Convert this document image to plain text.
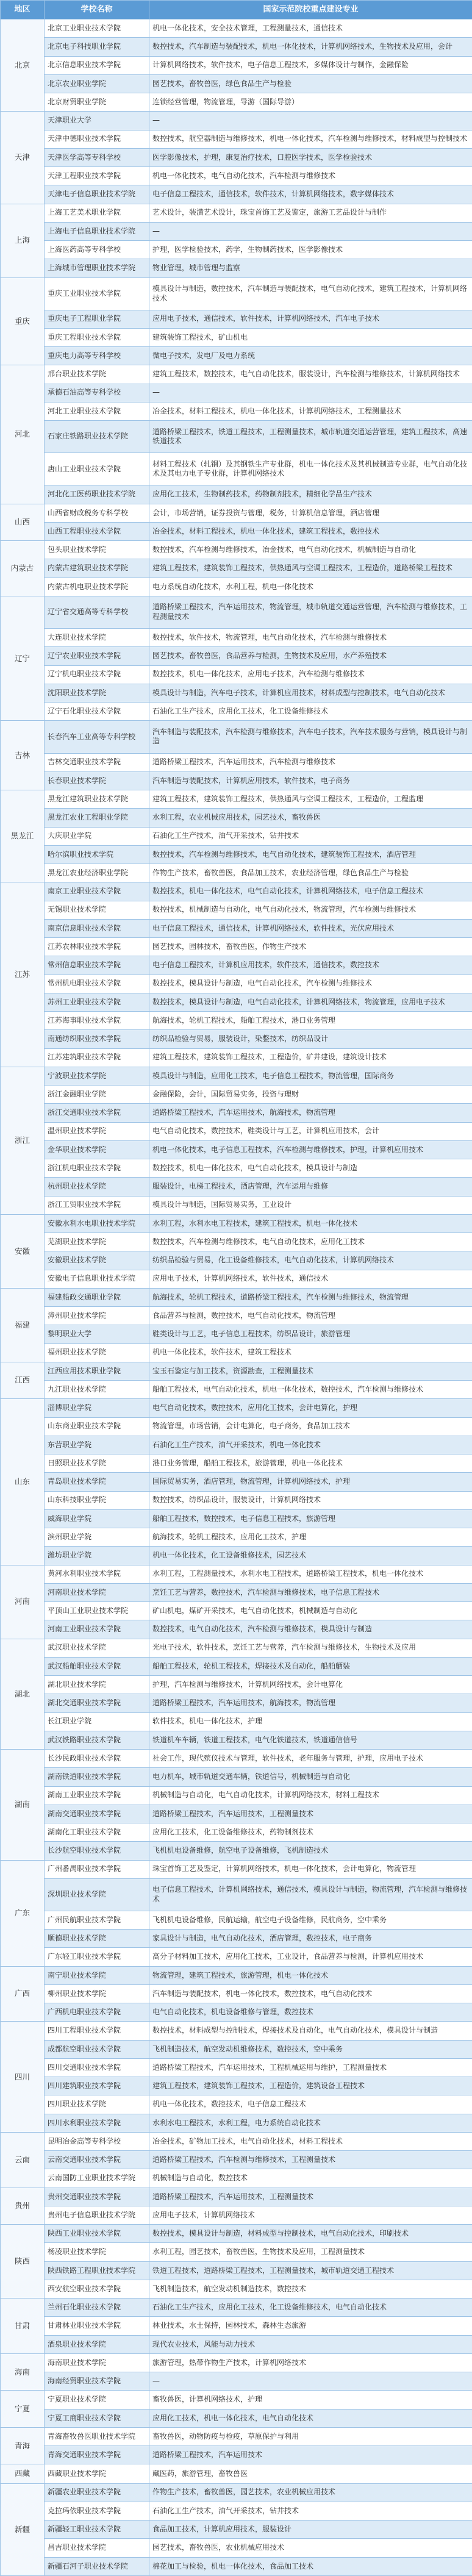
地区	学校名称	国家示范院校重点建设专业
北京	北京工业职业技术学院	机电一体化技术，安全技术管理，工程测量技术，通信技术
	北京电子科技职业学院	数控技术，汽车制造与装配技术，机电一体化技术，计算机网络技术，生物技术及应用，会计
	北京信息职业技术学院	计算机网络技术，软件技术，电子信息工程技术，多媒体设计与制作，金融保险
	北京农业职业学院	园艺技术，畜牧兽医，绿色食品生产与检验
	北京财贸职业学院	连锁经营管理，物流管理，导游（国际导游）
天津	天津职业大学	—
	天津中德职业技术学院	数控技术，航空器制造与维修技术，机电一体化技术，汽车检测与维修技术，材料成型与控制技术
	天津医学高等专科学校	医学影像技术，护理，康复治疗技术，口腔医学技术，医学检验技术
	天津工程职业技术学院	机电一体化技术，电气自动化技术，汽车检测与维修技术
	天津电子信息职业技术学院	电子信息工程技术，通信技术，软件技术，计算机网络技术，数字媒体技术
上海	上海工艺美术职业学院	艺术设计，装潢艺术设计，珠宝首饰工艺及鉴定，旅游工艺品设计与制作
	上海电子信息职业技术学院	—
	上海医药高等专科学校	护理，医学检验技术，药学，生物制药技术，医学影像技术
	上海城市管理职业技术学院	物业管理，城市管理与监察
重庆	重庆工业职业技术学院	模具设计与制造，数控技术，汽车制造与装配技术，电气自动化技术，建筑工程技术，计算机网络技术
	重庆电子工程职业学院	应用电子技术，通信技术，软件技术，计算机网络技术，汽车电子技术
	重庆工程职业技术学院	建筑装饰工程技术，矿山机电
	重庆电力高等专科学校	微电子技术，发电厂及电力系统
河北	邢台职业技术学院	建筑工程技术，数控技术，电气自动化技术，服装设计，汽车检测与维修技术，计算机网络技术
	承德石油高等专科学校	—
	河北工业职业技术学院	冶金技术，材料工程技术，机电一体化技术，计算机网络技术，工程测量技术
	石家庄铁路职业技术学院	道路桥梁工程技术，铁道工程技术，工程测量技术，城市轨道交通运营管理，建筑工程技术，高速铁道技术
	唐山工业职业技术学院	材料工程技术（轧钢）及其钢铁生产专业群，机电一体化技术及其机械制造专业群，电气自动化技术及其电力电子专业群，计算机网络技术
	河北化工医药职业技术学院	应用化工技术，生物制药技术，药物制剂技术，精细化学品生产技术
山西	山西省财政税务专科学校	会计，市场营销，证券投资与管理，税务，计算机信息管理，酒店管理
	山西工程职业技术学院	冶金技术，材料工程技术，机电一体化技术，建筑工程技术，数控技术
内蒙古	包头职业技术学院	数控技术，汽车检测与维修技术，冶金技术，电气自动化技术，机械制造与自动化
	内蒙古建筑职业技术学院	建筑工程技术，建筑装饰工程技术，供热通风与空调工程技术，工程造价，道路桥梁工程技术
	内蒙古机电职业技术学院	电力系统自动化技术，水利工程，机电一体化技术
辽宁	辽宁省交通高等专科学校	道路桥梁工程技术，汽车运用技术，物流管理，城市轨道交通运营管理，汽车检测与维修技术，工程测量技术
	大连职业技术学院	数控技术，软件技术，物流管理，电气自动化技术，汽车检测与维修技术
	辽宁农业职业技术学院	园艺技术，畜牧兽医，食品营养与检测，生物技术及应用，水产养殖技术
	辽宁机电职业技术学院	数控技术，机电一体化技术，应用电子技术，汽车检测与维修技术
	沈阳职业技术学院	模具设计与制造，汽车电子技术，计算机应用技术，材料成型与控制技术，电气自动化技术
	辽宁石化职业技术学院	石油化工生产技术，应用化工技术，化工设备维修技术
吉林	长春汽车工业高等专科学校	汽车制造与装配技术，汽车检测与维修技术，汽车电子技术，汽车技术服务与营销，模具设计与制造
	吉林交通职业技术学院	道路桥梁工程技术，汽车运用技术，汽车检测与维修技术
	长春职业技术学院	汽车制造与装配技术，计算机应用技术，软件技术，电子商务
黑龙江	黑龙江建筑职业技术学院	建筑工程技术，建筑装饰工程技术，供热通风与空调工程技术，工程造价，工程监理
	黑龙江农业工程职业学院	水利工程，农业机械应用技术，园艺技术，畜牧兽医
	大庆职业学院	石油化工生产技术，油气开采技术，钻井技术
	哈尔滨职业技术学院	数控技术，汽车检测与维修技术，电气自动化技术，建筑装饰工程技术，酒店管理
	黑龙江农业经济职业学院	作物生产技术，畜牧兽医，食品加工技术，农业经济管理，绿色食品生产与检验
江苏	南京工业职业技术学院	数控技术，机电一体化技术，电气自动化技术，计算机网络技术，电子信息工程技术
	无锡职业技术学院	数控技术，机械制造与自动化，电气自动化技术，物流管理，汽车检测与维修技术
	南京信息职业技术学院	电子信息工程技术，通信技术，计算机网络技术，软件技术，光伏应用技术
	江苏农林职业技术学院	园艺技术，园林技术，畜牧兽医，作物生产技术
	常州信息职业技术学院	电子信息工程技术，计算机应用技术，软件技术，通信技术，数控技术
	常州机电职业技术学院	数控技术，模具设计与制造，电气自动化技术，汽车检测与维修技术
	苏州工业职业技术学院	数控技术，模具设计与制造，电气自动化技术，计算机网络技术，物流管理，应用电子技术
	江苏海事职业技术学院	航海技术，轮机工程技术，船舶工程技术，港口业务管理
	南通纺织职业技术学院	纺织品检验与贸易，服装设计，染整技术，纺织品设计
	江苏建筑职业技术学院	建筑工程技术，建筑装饰工程技术，工程造价，矿井建设，建筑设计技术
浙江	宁波职业技术学院	模具设计与制造，应用化工技术，电子信息工程技术，物流管理，国际商务
	浙江金融职业学院	金融保险，会计，国际贸易实务，投资与理财
	浙江交通职业技术学院	道路桥梁工程技术，汽车运用技术，航海技术，物流管理
	温州职业技术学院	电气自动化技术，数控技术，鞋类设计与工艺，计算机应用技术，会计
	金华职业技术学院	机电一体化技术，电子信息工程技术，汽车检测与维修技术，护理，计算机应用技术
	浙江机电职业技术学院	数控技术，机电一体化技术，电气自动化技术，模具设计与制造
	杭州职业技术学院	服装设计，电梯工程技术，酒店管理，汽车运用与维修
	浙江工贸职业技术学院	模具设计与制造，国际贸易实务，工业设计
安徽	安徽水利水电职业技术学院	水利工程，水利水电工程技术，建筑工程技术，机电一体化技术
	芜湖职业技术学院	数控技术，汽车检测与维修技术，电气自动化技术，应用化工技术
	安徽职业技术学院	纺织品检验与贸易，化工设备维修技术，电气自动化技术，计算机网络技术
	安徽电子信息职业技术学院	应用电子技术，计算机网络技术，软件技术，通信技术
福建	福建船政交通职业学院	航海技术，轮机工程技术，道路桥梁工程技术，汽车检测与维修技术，物流管理
	漳州职业技术学院	食品营养与检测，数控技术，电气自动化技术，物流管理
	黎明职业大学	鞋类设计与工艺，电子信息工程技术，纺织品设计，旅游管理
	福州职业技术学院	机电一体化技术，软件技术，建筑工程技术
江西	江西应用技术职业学院	宝玉石鉴定与加工技术，资源勘查，工程测量技术
	九江职业技术学院	船舶工程技术，电气自动化技术，机电一体化技术，数控技术，汽车检测与维修技术
山东	淄博职业学院	电气自动化技术，数控技术，应用化工技术，会计电算化，护理
	山东商业职业技术学院	物流管理，市场营销，会计电算化，电子商务，食品加工技术
	东营职业学院	石油化工生产技术，油气开采技术，机电一体化技术
	日照职业技术学院	港口业务管理，船舶工程技术，旅游管理，机电一体化技术
	青岛职业技术学院	国际贸易实务，酒店管理，物流管理，计算机网络技术，护理
	山东科技职业学院	数控技术，纺织品设计，服装设计，计算机网络技术
	威海职业学院	船舶工程技术，数控技术，电子信息工程技术，旅游管理
	滨州职业学院	航海技术，轮机工程技术，应用化工技术，护理
	潍坊职业学院	机电一体化技术，化工设备维修技术，园艺技术
河南	黄河水利职业技术学院	水利工程，工程测量技术，水利水电工程技术，道路桥梁工程技术，机电一体化技术
	河南职业技术学院	烹饪工艺与营养，数控技术，汽车检测与维修技术，电子信息工程技术
	平顶山工业职业技术学院	矿山机电，煤矿开采技术，电气自动化技术，机械制造与自动化
	河南工业职业技术学院	数控技术，电气自动化技术，汽车检测与维修技术，模具设计与制造
湖北	武汉职业技术学院	光电子技术，软件技术，烹饪工艺与营养，汽车检测与维修技术，生物技术及应用
	武汉船舶职业技术学院	船舶工程技术，轮机工程技术，焊接技术及自动化，船舶舾装
	湖北职业技术学院	护理，汽车检测与维修技术，计算机网络技术，会计电算化
	湖北交通职业技术学院	道路桥梁工程技术，汽车运用技术，航海技术，物流管理
	长江职业学院	软件技术，机电一体化技术，护理
	武汉铁路职业技术学院	铁道机车车辆，铁道工程技术，电气化铁道技术，铁道通信信号
湖南	长沙民政职业技术学院	社会工作，现代殡仪技术与管理，软件技术，老年服务与管理，护理，应用电子技术
	湖南铁道职业技术学院	电力机车，城市轨道交通车辆，铁道信号，机械制造与自动化
	湖南工业职业技术学院	机械制造与自动化，电气自动化技术，计算机网络技术，材料工程技术
	湖南交通职业技术学院	道路桥梁工程技术，汽车运用技术，工程测量技术
	湖南化工职业技术学院	应用化工技术，化工设备维修技术，药物制剂技术
	长沙航空职业技术学院	飞机机电设备维修，航空电子设备维修，飞机制造技术
广东	广州番禺职业技术学院	珠宝首饰工艺及鉴定，计算机网络技术，机电一体化技术，会计电算化，物流管理
	深圳职业技术学院	电子信息工程技术，计算机网络技术，通信技术，模具设计与制造，物流管理，汽车检测与维修技术
	广州民航职业技术学院	飞机机电设备维修，民航运输，航空电子设备维修，民航商务，空中乘务
	顺德职业技术学院	家具设计与制造，电气自动化技术，酒店管理，数控技术，电子商务
	广东轻工职业技术学院	高分子材料加工技术，应用化工技术，工业设计，食品营养与检测，计算机应用技术
广西	南宁职业技术学院	物流管理，建筑工程技术，旅游管理，机电一体化技术
	柳州职业技术学院	汽车制造与装配技术，机电一体化技术，数控技术，电气自动化技术
	广西机电职业技术学院	电气自动化技术，机电设备维修与管理，数控技术
四川	四川工程职业技术学院	数控技术，材料成型与控制技术，焊接技术及自动化，电气自动化技术，模具设计与制造
	成都航空职业技术学院	飞机制造技术，航空发动机维修技术，数控技术，空中乘务
	四川交通职业技术学院	道路桥梁工程技术，汽车运用技术，工程机械运用与维护，工程测量技术
	四川建筑职业技术学院	建筑工程技术，建筑装饰工程技术，工程造价，建筑设备工程技术
	四川职业技术学院	机电一体化技术，数控技术，电子信息工程技术
	四川水利职业技术学院	水利水电工程技术，水利工程，电力系统自动化技术
云南	昆明冶金高等专科学校	冶金技术，矿物加工技术，电气自动化技术，材料工程技术
	云南交通职业技术学院	道路桥梁工程技术，汽车检测与维修技术，工程测量技术
	云南国防工业职业技术学院	机械制造与自动化，数控技术
贵州	贵州交通职业技术学院	道路桥梁工程技术，汽车运用技术，工程测量技术
	贵州电子信息职业技术学院	应用电子技术，计算机网络技术
陕西	陕西工业职业技术学院	数控技术，模具设计与制造，材料成型与控制技术，电气自动化技术，印刷技术
	杨凌职业技术学院	水利工程，园艺技术，畜牧兽医，生物技术及应用，工程测量技术
	陕西铁路工程职业技术学院	铁道工程技术，道路桥梁工程技术，工程测量技术，城市轨道交通工程技术
	西安航空职业技术学院	飞机制造技术，航空发动机制造技术，数控技术
甘肃	兰州石化职业技术学院	石油化工生产技术，应用化工技术，化工设备维修技术，电气自动化技术
	甘肃林业职业技术学院	林业技术，水土保持，园林技术，森林生态旅游
	酒泉职业技术学院	现代农业技术，风能与动力技术
海南	海南职业技术学院	旅游管理，热带作物生产技术，计算机网络技术
	海南经贸职业技术学院	—
宁夏	宁夏职业技术学院	畜牧兽医，计算机网络技术，护理
	宁夏工商职业技术学院	应用化工技术，机电一体化技术，电气自动化技术
青海	青海畜牧兽医职业技术学院	畜牧兽医，动物防疫与检疫，草原保护与利用
	青海交通职业技术学院	道路桥梁工程技术，汽车运用技术
西藏	西藏职业技术学院	藏医药，旅游管理，畜牧兽医
新疆	新疆农业职业技术学院	作物生产技术，畜牧兽医，园艺技术，农业机械应用技术
	克拉玛依职业技术学院	石油化工生产技术，油气开采技术，钻井技术
	新疆轻工职业技术学院	食品加工技术，计算机应用技术，服装设计
	昌吉职业技术学院	园艺技术，畜牧兽医，农业机械应用技术
	新疆石河子职业技术学院	棉花加工与检验，机电一体化技术，食品加工技术
